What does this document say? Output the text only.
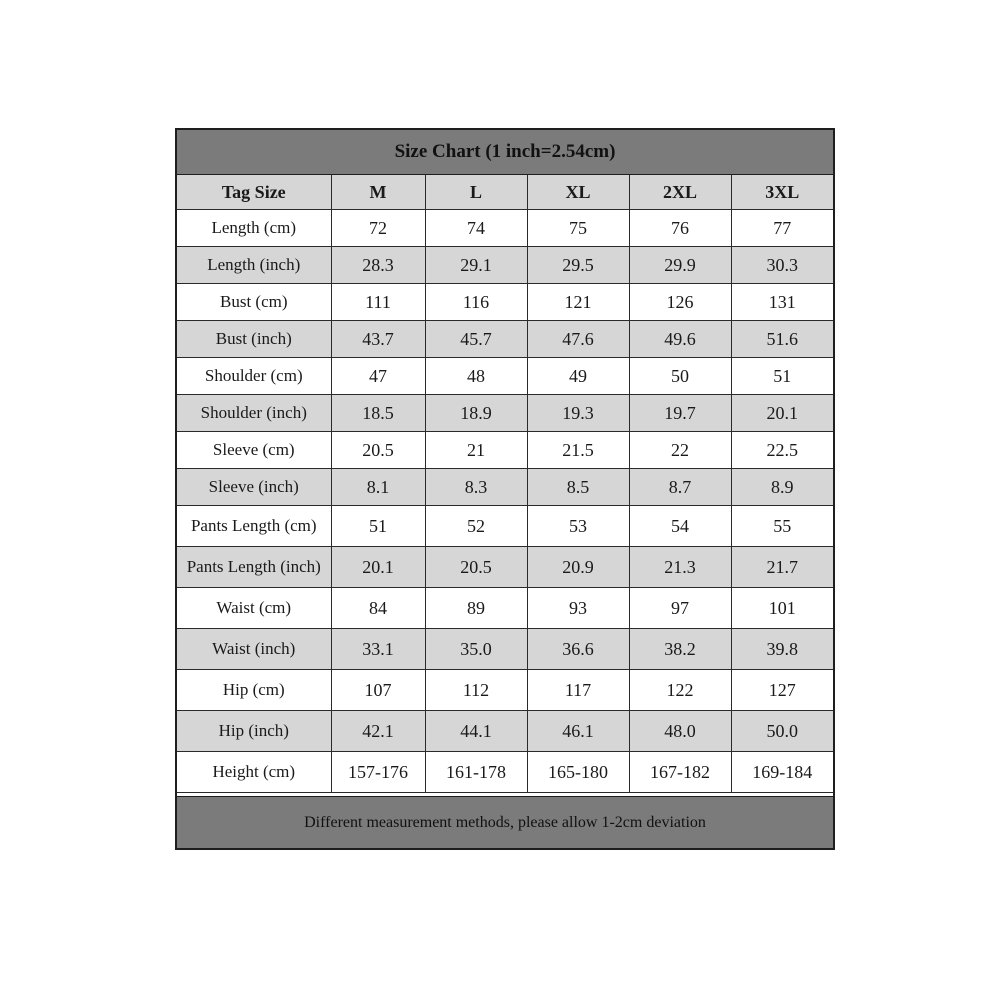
Size Chart (1 inch=2.54cm)
Tag Size	M	L	XL	2XL	3XL
Length (cm)	72	74	75	76	77
Length (inch)	28.3	29.1	29.5	29.9	30.3
Bust (cm)	111	116	121	126	131
Bust (inch)	43.7	45.7	47.6	49.6	51.6
Shoulder (cm)	47	48	49	50	51
Shoulder (inch)	18.5	18.9	19.3	19.7	20.1
Sleeve (cm)	20.5	21	21.5	22	22.5
Sleeve (inch)	8.1	8.3	8.5	8.7	8.9
Pants Length (cm)	51	52	53	54	55
Pants Length (inch)	20.1	20.5	20.9	21.3	21.7
Waist (cm)	84	89	93	97	101
Waist (inch)	33.1	35.0	36.6	38.2	39.8
Hip (cm)	107	112	117	122	127
Hip (inch)	42.1	44.1	46.1	48.0	50.0
Height (cm)	157-176	161-178	165-180	167-182	169-184
Different measurement methods, please allow 1-2cm deviation
